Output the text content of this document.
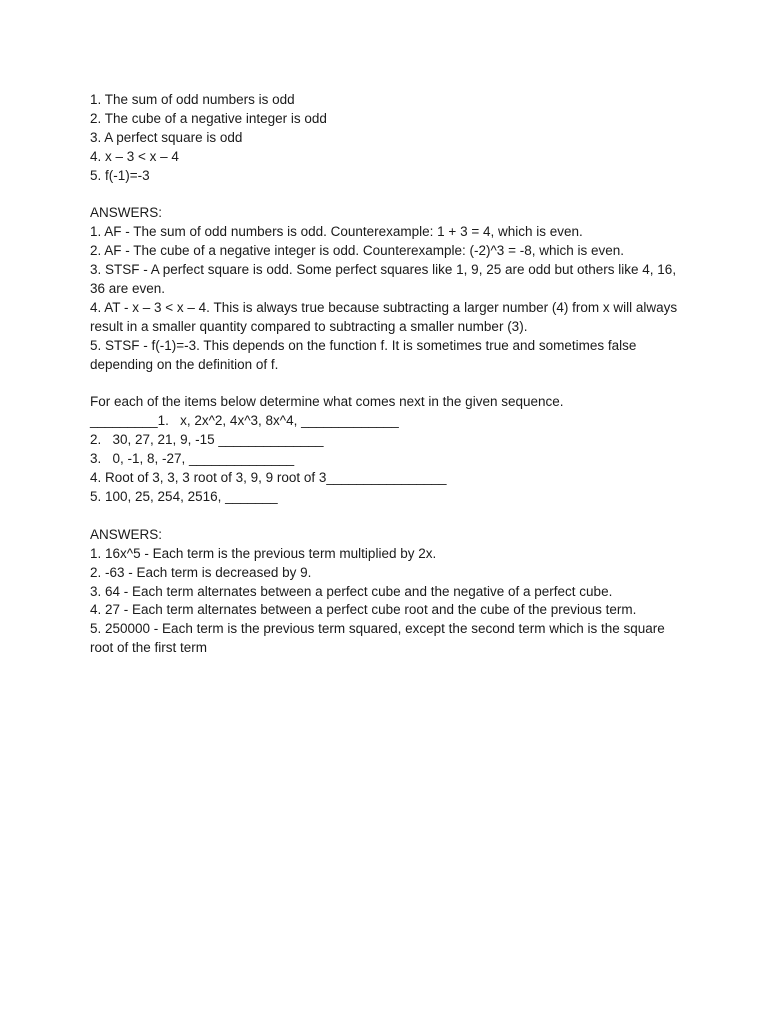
1. The sum of odd numbers is odd

2. The cube of a negative integer is odd

3. A perfect square is odd

4. x – 3 < x – 4

5. f(-1)=-3

ANSWERS:

1. AF - The sum of odd numbers is odd. Counterexample: 1 + 3 = 4, which is even.

2. AF - The cube of a negative integer is odd. Counterexample: (-2)^3 = -8, which is even.

3. STSF - A perfect square is odd. Some perfect squares like 1, 9, 25 are odd but others like 4, 16, 36 are even.

4. AT - x – 3 < x – 4. This is always true because subtracting a larger number (4) from x will always result in a smaller quantity compared to subtracting a smaller number (3).

5. STSF - f(-1)=-3. This depends on the function f. It is sometimes true and sometimes false depending on the definition of f.

For each of the items below determine what comes next in the given sequence.

_________1.   x, 2x^2, 4x^3, 8x^4, _____________

2.   30, 27, 21, 9, -15 ______________

3.   0, -1, 8, -27, ______________

4. Root of 3, 3, 3 root of 3, 9, 9 root of 3________________

5. 100, 25, 254, 2516, _______

ANSWERS:

1. 16x^5 - Each term is the previous term multiplied by 2x.

2. -63 - Each term is decreased by 9.

3. 64 - Each term alternates between a perfect cube and the negative of a perfect cube.

4. 27 - Each term alternates between a perfect cube root and the cube of the previous term.

5. 250000 - Each term is the previous term squared, except the second term which is the square root of the first term
